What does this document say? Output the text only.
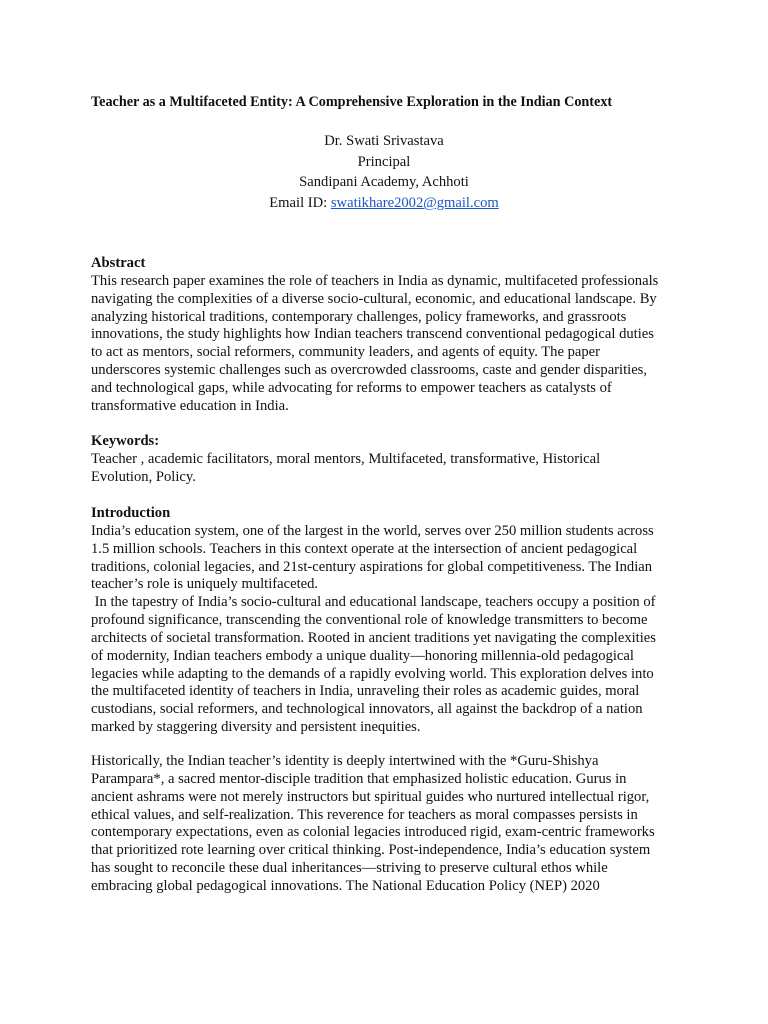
Teacher as a Multifaceted Entity: A Comprehensive Exploration in the Indian Context
Dr. Swati Srivastava
Principal
Sandipani Academy, Achhoti
Email ID: swatikhare2002@gmail.com
Abstract
This research paper examines the role of teachers in India as dynamic, multifaceted professionals
navigating the complexities of a diverse socio-cultural, economic, and educational landscape. By
analyzing historical traditions, contemporary challenges, policy frameworks, and grassroots
innovations, the study highlights how Indian teachers transcend conventional pedagogical duties
to act as mentors, social reformers, community leaders, and agents of equity. The paper
underscores systemic challenges such as overcrowded classrooms, caste and gender disparities,
and technological gaps, while advocating for reforms to empower teachers as catalysts of
transformative education in India.
Keywords:
Teacher , academic facilitators, moral mentors, Multifaceted, transformative, Historical
Evolution, Policy.
Introduction
India’s education system, one of the largest in the world, serves over 250 million students across
1.5 million schools. Teachers in this context operate at the intersection of ancient pedagogical
traditions, colonial legacies, and 21st-century aspirations for global competitiveness. The Indian
teacher’s role is uniquely multifaceted.
In the tapestry of India’s socio-cultural and educational landscape, teachers occupy a position of
profound significance, transcending the conventional role of knowledge transmitters to become
architects of societal transformation. Rooted in ancient traditions yet navigating the complexities
of modernity, Indian teachers embody a unique duality—honoring millennia-old pedagogical
legacies while adapting to the demands of a rapidly evolving world. This exploration delves into
the multifaceted identity of teachers in India, unraveling their roles as academic guides, moral
custodians, social reformers, and technological innovators, all against the backdrop of a nation
marked by staggering diversity and persistent inequities.
Historically, the Indian teacher’s identity is deeply intertwined with the *Guru-Shishya
Parampara*, a sacred mentor-disciple tradition that emphasized holistic education. Gurus in
ancient ashrams were not merely instructors but spiritual guides who nurtured intellectual rigor,
ethical values, and self-realization. This reverence for teachers as moral compasses persists in
contemporary expectations, even as colonial legacies introduced rigid, exam-centric frameworks
that prioritized rote learning over critical thinking. Post-independence, India’s education system
has sought to reconcile these dual inheritances—striving to preserve cultural ethos while
embracing global pedagogical innovations. The National Education Policy (NEP) 2020
